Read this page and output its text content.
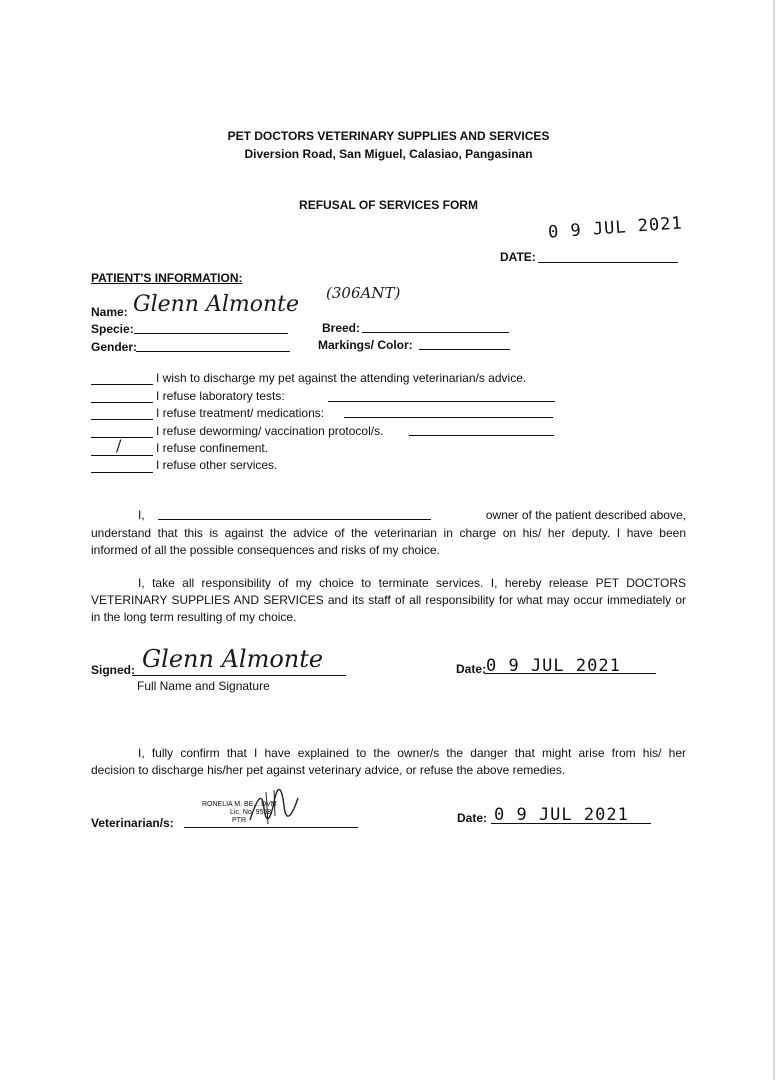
PET DOCTORS VETERINARY SUPPLIES AND SERVICES
Diversion Road, San Miguel, Calasiao, Pangasinan
REFUSAL OF SERVICES FORM
0 9 JUL 2021
DATE:
PATIENT'S INFORMATION:
Name: Glenn Almonte (306ANT)
Specie:	Breed:
Gender:	Markings/ Color:
I wish to discharge my pet against the attending veterinarian/s advice.
I refuse laboratory tests:
I refuse treatment/ medications:
I refuse deworming/ vaccination protocol/s.
/	I refuse confinement.
I refuse other services.
I,	owner of the patient described above,
understand that this is against the advice of the veterinarian in charge on his/ her deputy. I have been
informed of all the possible consequences and risks of my choice.
I, take all responsibility of my choice to terminate services. I, hereby release PET DOCTORS
VETERINARY SUPPLIES AND SERVICES and its staff of all responsibility for what may occur immediately or
in the long term resulting of my choice.
Signed: Glenn Almonte
Full Name and Signature
Date: 0 9 JUL 2021
I, fully confirm that I have explained to the owner/s the danger that might arise from his/ her
decision to discharge his/her pet against veterinary advice, or refuse the above remedies.
Veterinarian/s:
RONELIA M. BE... DVM
Lic. No. 9558
PTR	Date: 0 9 JUL 2021
